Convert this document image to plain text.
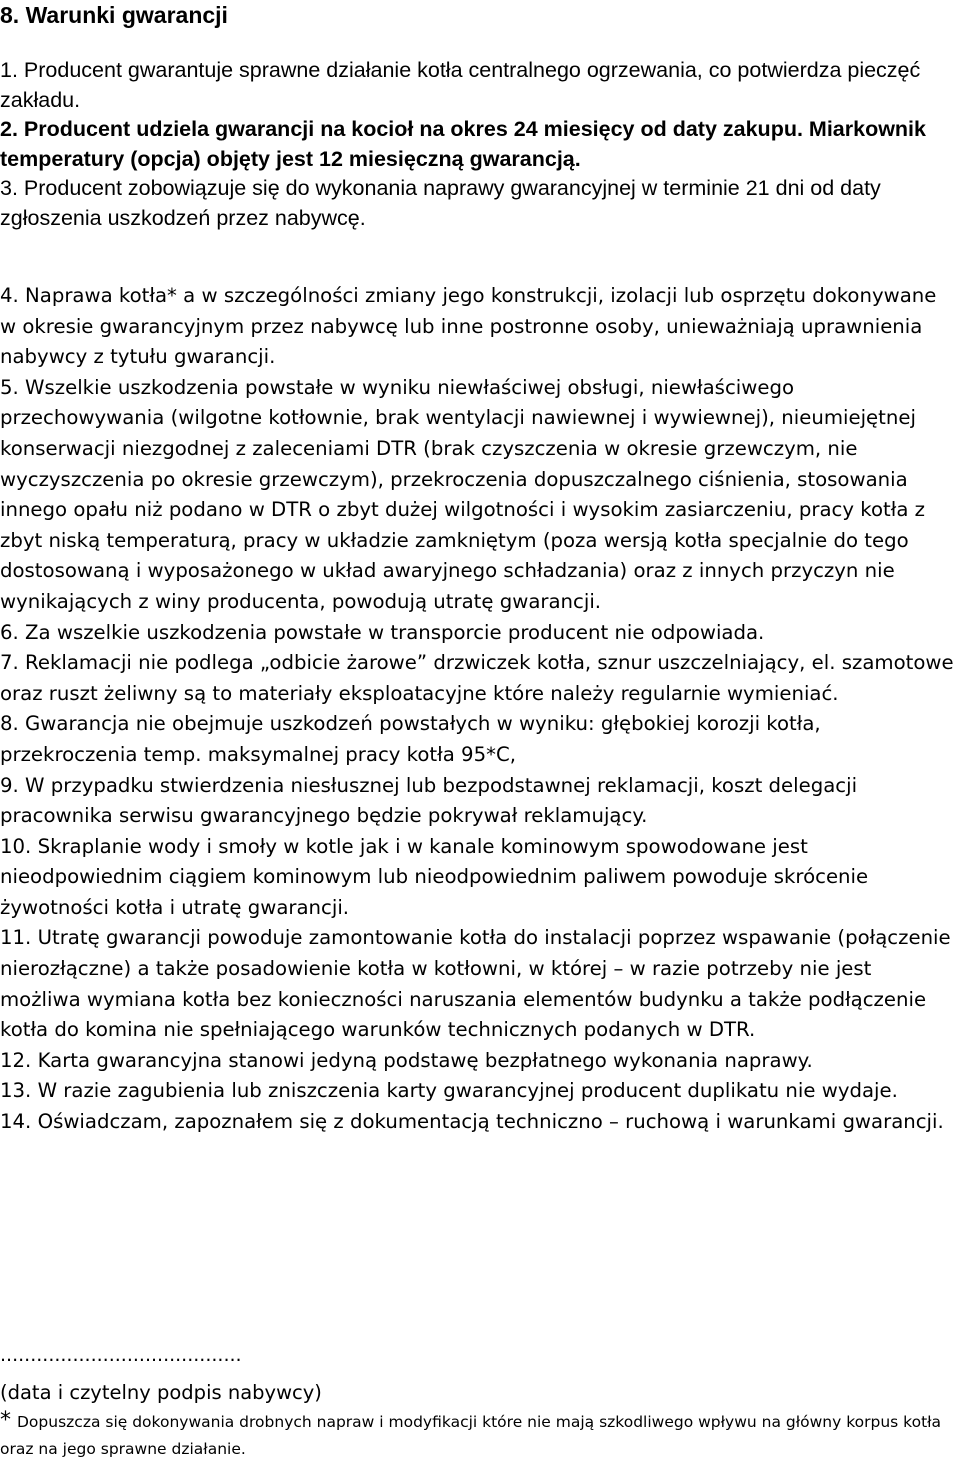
8. Warunki gwarancji

1. Producent gwarantuje sprawne działanie kotła centralnego ogrzewania, co potwierdza pieczęć zakładu.

2. Producent udziela gwarancji na kocioł na okres 24 miesięcy od daty zakupu. Miarkownik temperatury (opcja) objęty jest 12 miesięczną gwarancją.

3. Producent zobowiązuje się do wykonania naprawy gwarancyjnej w terminie 21 dni od daty zgłoszenia uszkodzeń przez nabywcę.

4. Naprawa kotła* a w szczególności zmiany jego konstrukcji, izolacji lub osprzętu dokonywane w okresie gwarancyjnym przez nabywcę lub inne postronne osoby, unieważniają uprawnienia nabywcy z tytułu gwarancji.

5. Wszelkie uszkodzenia powstałe w wyniku niewłaściwej obsługi, niewłaściwego przechowywania (wilgotne kotłownie, brak wentylacji nawiewnej i wywiewnej), nieumiejętnej konserwacji niezgodnej z zaleceniami DTR (brak czyszczenia w okresie grzewczym, nie wyczyszczenia po okresie grzewczym), przekroczenia dopuszczalnego ciśnienia, stosowania innego opału niż podano w DTR o zbyt dużej wilgotności i wysokim zasiarczeniu, pracy kotła z zbyt niską temperaturą, pracy w układzie zamkniętym (poza wersją kotła specjalnie do tego dostosowaną i wyposażonego w układ awaryjnego schładzania) oraz z innych przyczyn nie wynikających z winy producenta, powodują utratę gwarancji.

6. Za wszelkie uszkodzenia powstałe w transporcie producent nie odpowiada.

7. Reklamacji nie podlega „odbicie żarowe” drzwiczek kotła, sznur uszczelniający, el. szamotowe oraz ruszt żeliwny są to materiały eksploatacyjne które należy regularnie wymieniać.

8. Gwarancja nie obejmuje uszkodzeń powstałych w wyniku: głębokiej korozji kotła, przekroczenia temp. maksymalnej pracy kotła 95*C,

9. W przypadku stwierdzenia niesłusznej lub bezpodstawnej reklamacji, koszt delegacji pracownika serwisu gwarancyjnego będzie pokrywał reklamujący.

10. Skraplanie wody i smoły w kotle jak i w kanale kominowym spowodowane jest nieodpowiednim ciągiem kominowym lub nieodpowiednim paliwem powoduje skrócenie żywotności kotła i utratę gwarancji.

11. Utratę gwarancji powoduje zamontowanie kotła do instalacji poprzez wspawanie (połączenie nierozłączne) a także posadowienie kotła w kotłowni, w której – w razie potrzeby nie jest możliwa wymiana kotła bez konieczności naruszania elementów budynku a także podłączenie kotła do komina nie spełniającego warunków technicznych podanych w DTR.

12. Karta gwarancyjna stanowi jedyną podstawę bezpłatnego wykonania naprawy.

13. W razie zagubienia lub zniszczenia karty gwarancyjnej producent duplikatu nie wydaje.

14. Oświadczam, zapoznałem się z dokumentacją techniczno – ruchową i warunkami gwarancji.

........................................
(data i czytelny podpis nabywcy)
* Dopuszcza się dokonywania drobnych napraw i modyfikacji które nie mają szkodliwego wpływu na główny korpus kotła oraz na jego sprawne działanie.
